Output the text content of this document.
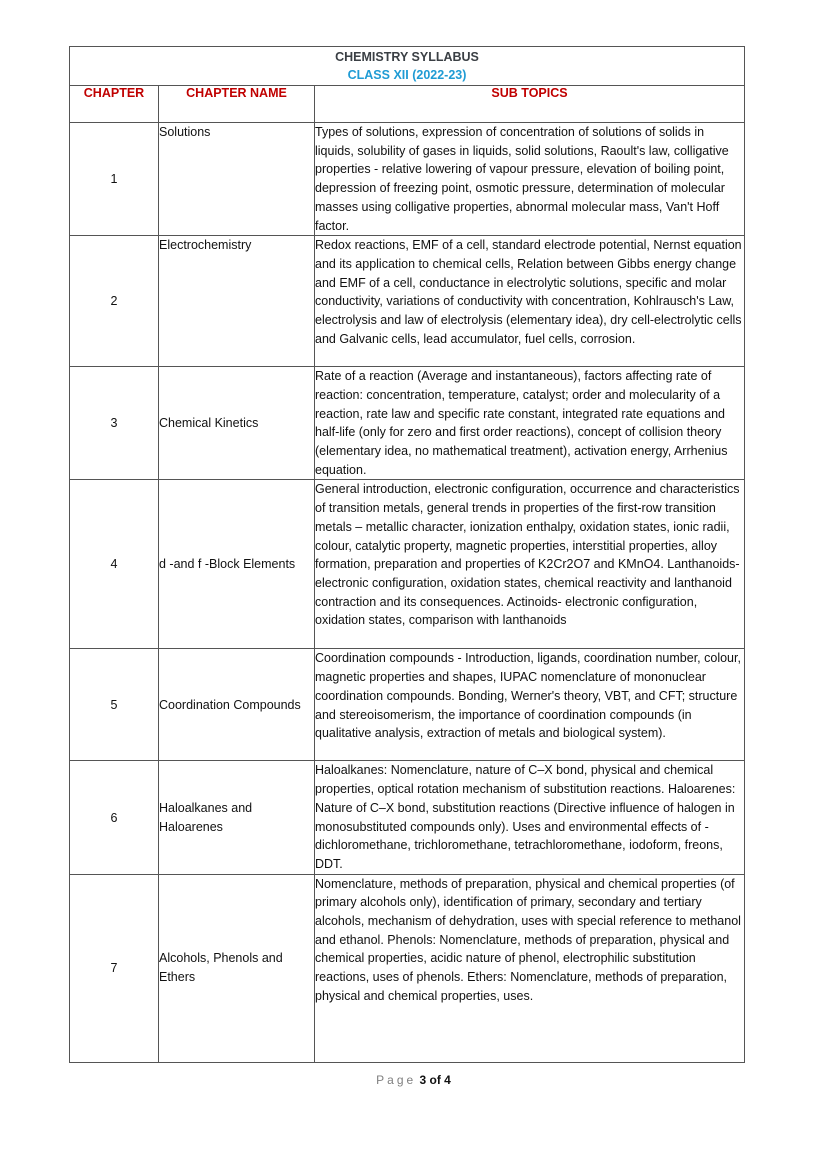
CHEMISTRY SYLLABUS
CLASS XII (2022-23)		

CHAPTER	CHAPTER NAME	SUB TOPICS
1	Solutions	Types of solutions, expression of concentration of solutions of solids in liquids, solubility of gases in liquids, solid solutions, Raoult's law, colligative properties - relative lowering of vapour pressure, elevation of boiling point, depression of freezing point, osmotic pressure, determination of molecular masses using colligative properties, abnormal molecular mass, Van't Hoff factor.
2	Electrochemistry	Redox reactions, EMF of a cell, standard electrode potential, Nernst equation and its application to chemical cells, Relation between Gibbs energy change and EMF of a cell, conductance in electrolytic solutions, specific and molar conductivity, variations of conductivity with concentration, Kohlrausch's Law, electrolysis and law of electrolysis (elementary idea), dry cell-electrolytic cells and Galvanic cells, lead accumulator, fuel cells, corrosion.
3	Chemical Kinetics	Rate of a reaction (Average and instantaneous), factors affecting rate of reaction: concentration, temperature, catalyst; order and molecularity of a reaction, rate law and specific rate constant, integrated rate equations and half-life (only for zero and first order reactions), concept of collision theory (elementary idea, no mathematical treatment), activation energy, Arrhenius equation.
4	d -and f -Block Elements	General introduction, electronic configuration, occurrence and characteristics of transition metals, general trends in properties of the first-row transition metals – metallic character, ionization enthalpy, oxidation states, ionic radii, colour, catalytic property, magnetic properties, interstitial properties, alloy formation, preparation and properties of K2Cr2O7 and KMnO4. Lanthanoids- electronic configuration, oxidation states, chemical reactivity and lanthanoid contraction and its consequences. Actinoids- electronic configuration, oxidation states, comparison with lanthanoids
5	Coordination Compounds	Coordination compounds - Introduction, ligands, coordination number, colour, magnetic properties and shapes, IUPAC nomenclature of mononuclear coordination compounds. Bonding, Werner's theory, VBT, and CFT; structure and stereoisomerism, the importance of coordination compounds (in qualitative analysis, extraction of metals and biological system).
6	Haloalkanes and Haloarenes	Haloalkanes: Nomenclature, nature of C–X bond, physical and chemical properties, optical rotation mechanism of substitution reactions. Haloarenes: Nature of C–X bond, substitution reactions (Directive influence of halogen in monosubstituted compounds only). Uses and environmental effects of - dichloromethane, trichloromethane, tetrachloromethane, iodoform, freons, DDT.
7	Alcohols, Phenols and Ethers	Nomenclature, methods of preparation, physical and chemical properties (of primary alcohols only), identification of primary, secondary and tertiary alcohols, mechanism of dehydration, uses with special reference to methanol and ethanol. Phenols: Nomenclature, methods of preparation, physical and chemical properties, acidic nature of phenol, electrophilic substitution reactions, uses of phenols. Ethers: Nomenclature, methods of preparation, physical and chemical properties, uses.
Page 3 of 4
